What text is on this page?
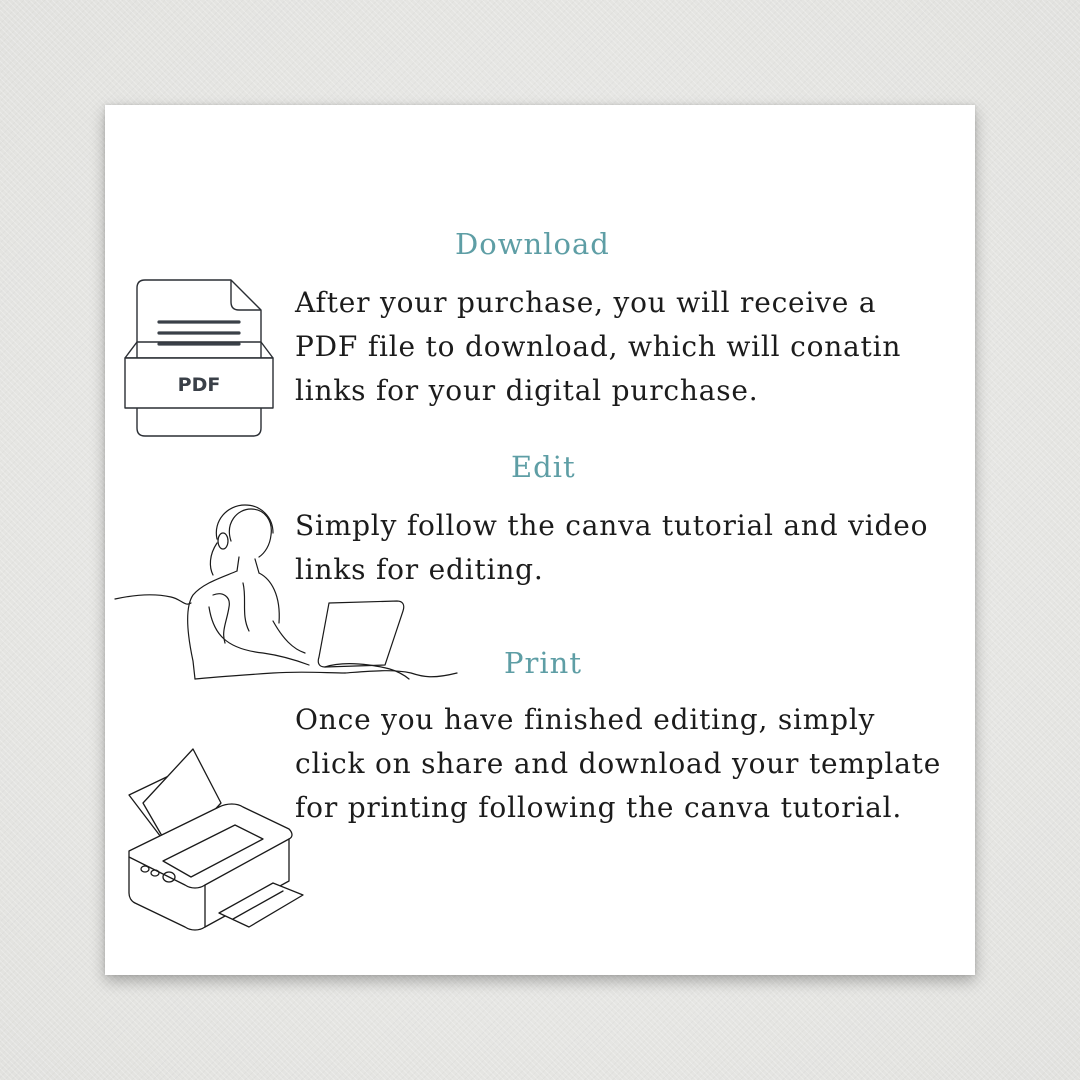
Download
PDF

After your purchase, you will receive a PDF file to download, which will conatin links for your digital purchase.

Edit

Simply follow the canva tutorial and video links for editing.

Print

Once you have finished editing, simply click on share and download your template for printing following the canva tutorial.
